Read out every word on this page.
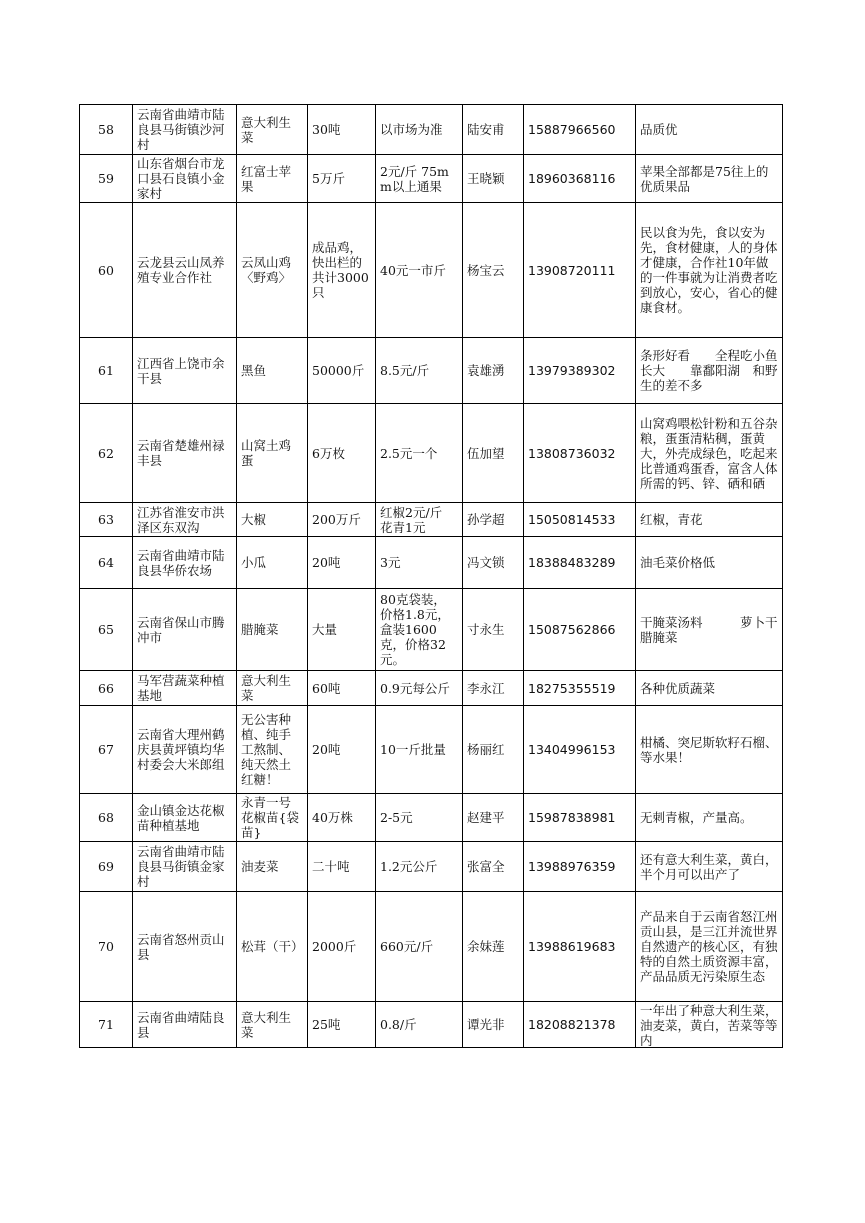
58	云南省曲靖市陆良县马街镇沙河村	意大利生菜	30吨	以市场为准	陆安甫	15887966560	品质优

59	山东省烟台市龙口县石良镇小金家村	红富士苹果	5万斤	2元/斤 75mm以上通果	王晓颖	18960368116	苹果全部都是75往上的优质果品

60	云龙县云山凤养殖专业合作社	云凤山鸡〈野鸡〉	成品鸡，快出栏的共计3000只	40元一市斤	杨宝云	13908720111	民以食为先，食以安为先，食材健康，人的身体才健康，合作社10年做的一件事就为让消费者吃到放心，安心，省心的健康食材。

61	江西省上饶市余干县	黑鱼	50000斤	8.5元/斤	袁雄湧	13979389302	条形好看　　全程吃小鱼长大　　靠鄱阳湖　和野生的差不多

62	云南省楚雄州禄丰县	山窝土鸡蛋	6万枚	2.5元一个	伍加望	13808736032	山窝鸡喂松针粉和五谷杂粮，蛋蛋清粘稠，蛋黄大，外壳成绿色，吃起来比普通鸡蛋香，富含人体所需的钙、锌、硒和硒

63	江苏省淮安市洪泽区东双沟	大椒	200万斤	红椒2元/斤 花青1元	孙学超	15050814533	红椒，青花

64	云南省曲靖市陆良县华侨农场	小瓜	20吨	3元	冯文锁	18388483289	油毛菜价格低

65	云南省保山市腾冲市	腊腌菜	大量	80克袋装，价格1.8元，盒装1600克，价格32元。	寸永生	15087562866	干腌菜汤料　　　萝卜干　　　腊腌菜

66	马军营蔬菜种植基地	意大利生菜	60吨	0.9元每公斤	李永江	18275355519	各种优质蔬菜

67	云南省大理州鹤庆县黄坪镇均华村委会大米郎组	无公害种植、纯手工熬制、纯天然土红糖！	20吨	10一斤批量	杨丽红	13404996153	柑橘、突尼斯软籽石榴、等水果！

68	金山镇金达花椒苗种植基地	永青一号花椒苗{袋苗}	40万株	2-5元	赵建平	15987838981	无刺青椒，产量高。

69	云南省曲靖市陆良县马街镇金家村	油麦菜	二十吨	1.2元公斤	张富全	13988976359	还有意大利生菜，黄白，半个月可以出产了

70	云南省怒州贡山县	松茸（干）	2000斤	660元/斤	余妹莲	13988619683	产品来自于云南省怒江州贡山县，是三江并流世界自然遗产的核心区，有独特的自然土质资源丰富，产品品质无污染原生态

71	云南省曲靖陆良县	意大利生菜	25吨	0.8/斤	谭光非	18208821378	一年出了种意大利生菜，油麦菜，黄白，苦菜等等内
